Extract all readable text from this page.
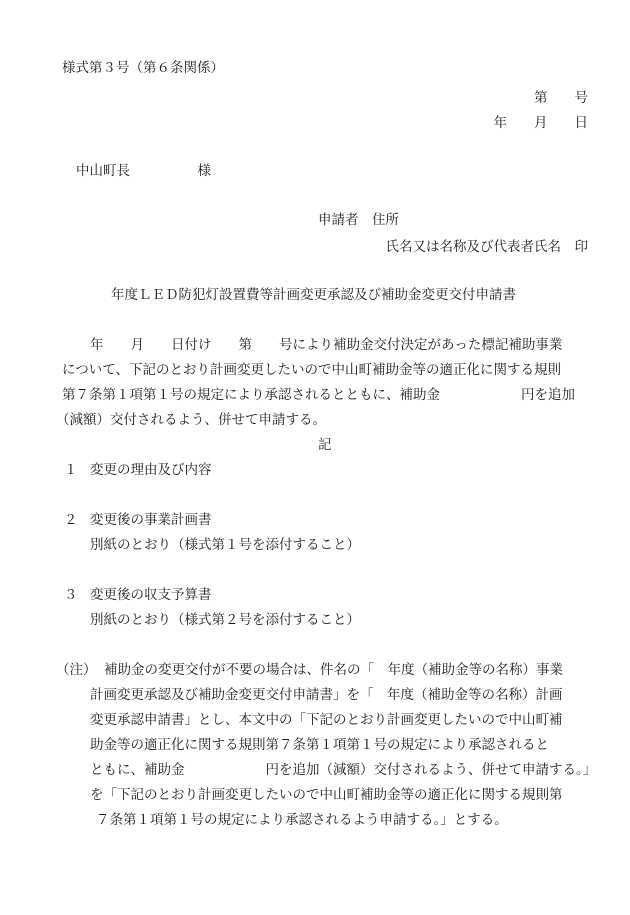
様式第３号（第６条関係）
第　　号
年　　月　　日
中山町長　　　　　様
申請者　住所
氏名又は名称及び代表者氏名　印
年度ＬＥＤ防犯灯設置費等計画変更承認及び補助金変更交付申請書
年　　月　　日付け　　第　　号により補助金交付決定があった標記補助事業
について、下記のとおり計画変更したいので中山町補助金等の適正化に関する規則
第７条第１項第１号の規定により承認されるとともに、補助金　　　　　　円を追加
（減額）交付されるよう、併せて申請する。
記
１ 変更の理由及び内容
２ 変更後の事業計画書
別紙のとおり（様式第１号を添付すること）
３ 変更後の収支予算書
別紙のとおり（様式第２号を添付すること）
（注） 補助金の変更交付が不要の場合は、件名の「　年度（補助金等の名称）事業
計画変更承認及び補助金変更交付申請書」を「　年度（補助金等の名称）計画
変更承認申請書」とし、本文中の「下記のとおり計画変更したいので中山町補
助金等の適正化に関する規則第７条第１項第１号の規定により承認されると
ともに、補助金　　　　　　円を追加（減額）交付されるよう、併せて申請する。」
を「下記のとおり計画変更したいので中山町補助金等の適正化に関する規則第
７条第１項第１号の規定により承認されるよう申請する。」とする。
